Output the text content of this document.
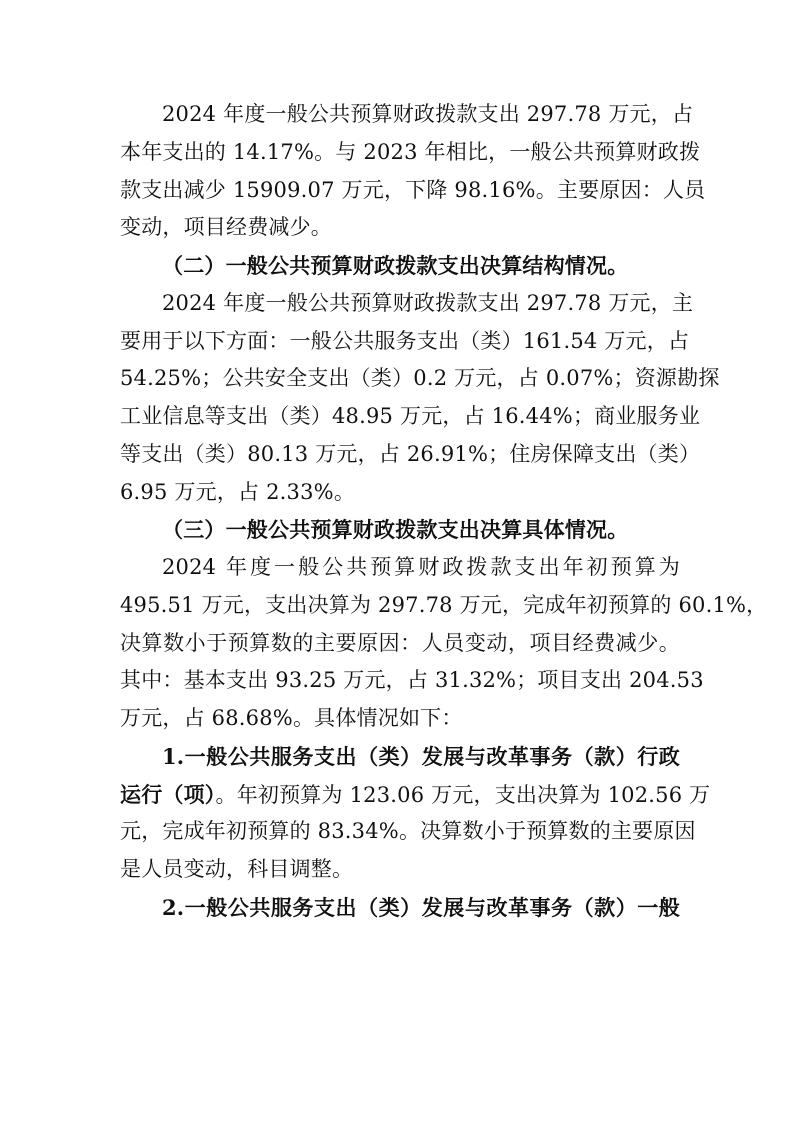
2024 年度一般公共预算财政拨款支出 297.78 万元，占
本年支出的 14.17%。与 2023 年相比，一般公共预算财政拨
款支出减少 15909.07 万元，下降 98.16%。主要原因：人员
变动，项目经费减少。
（二）一般公共预算财政拨款支出决算结构情况。
2024 年度一般公共预算财政拨款支出 297.78 万元，主
要用于以下方面：一般公共服务支出（类）161.54 万元，占
54.25%；公共安全支出（类）0.2 万元，占 0.07%；资源勘探
工业信息等支出（类）48.95 万元，占 16.44%；商业服务业
等支出（类）80.13 万元，占 26.91%；住房保障支出（类）
6.95 万元，占 2.33%。
（三）一般公共预算财政拨款支出决算具体情况。
2024 年度一般公共预算财政拨款支出年初预算为
495.51 万元，支出决算为 297.78 万元，完成年初预算的 60.1%，
决算数小于预算数的主要原因：人员变动，项目经费减少。
其中：基本支出 93.25 万元，占 31.32%；项目支出 204.53
万元，占 68.68%。具体情况如下：
1.一般公共服务支出（类）发展与改革事务（款）行政
运行（项）。年初预算为 123.06 万元，支出决算为 102.56 万
元，完成年初预算的 83.34%。决算数小于预算数的主要原因
是人员变动，科目调整。
2.一般公共服务支出（类）发展与改革事务（款）一般
